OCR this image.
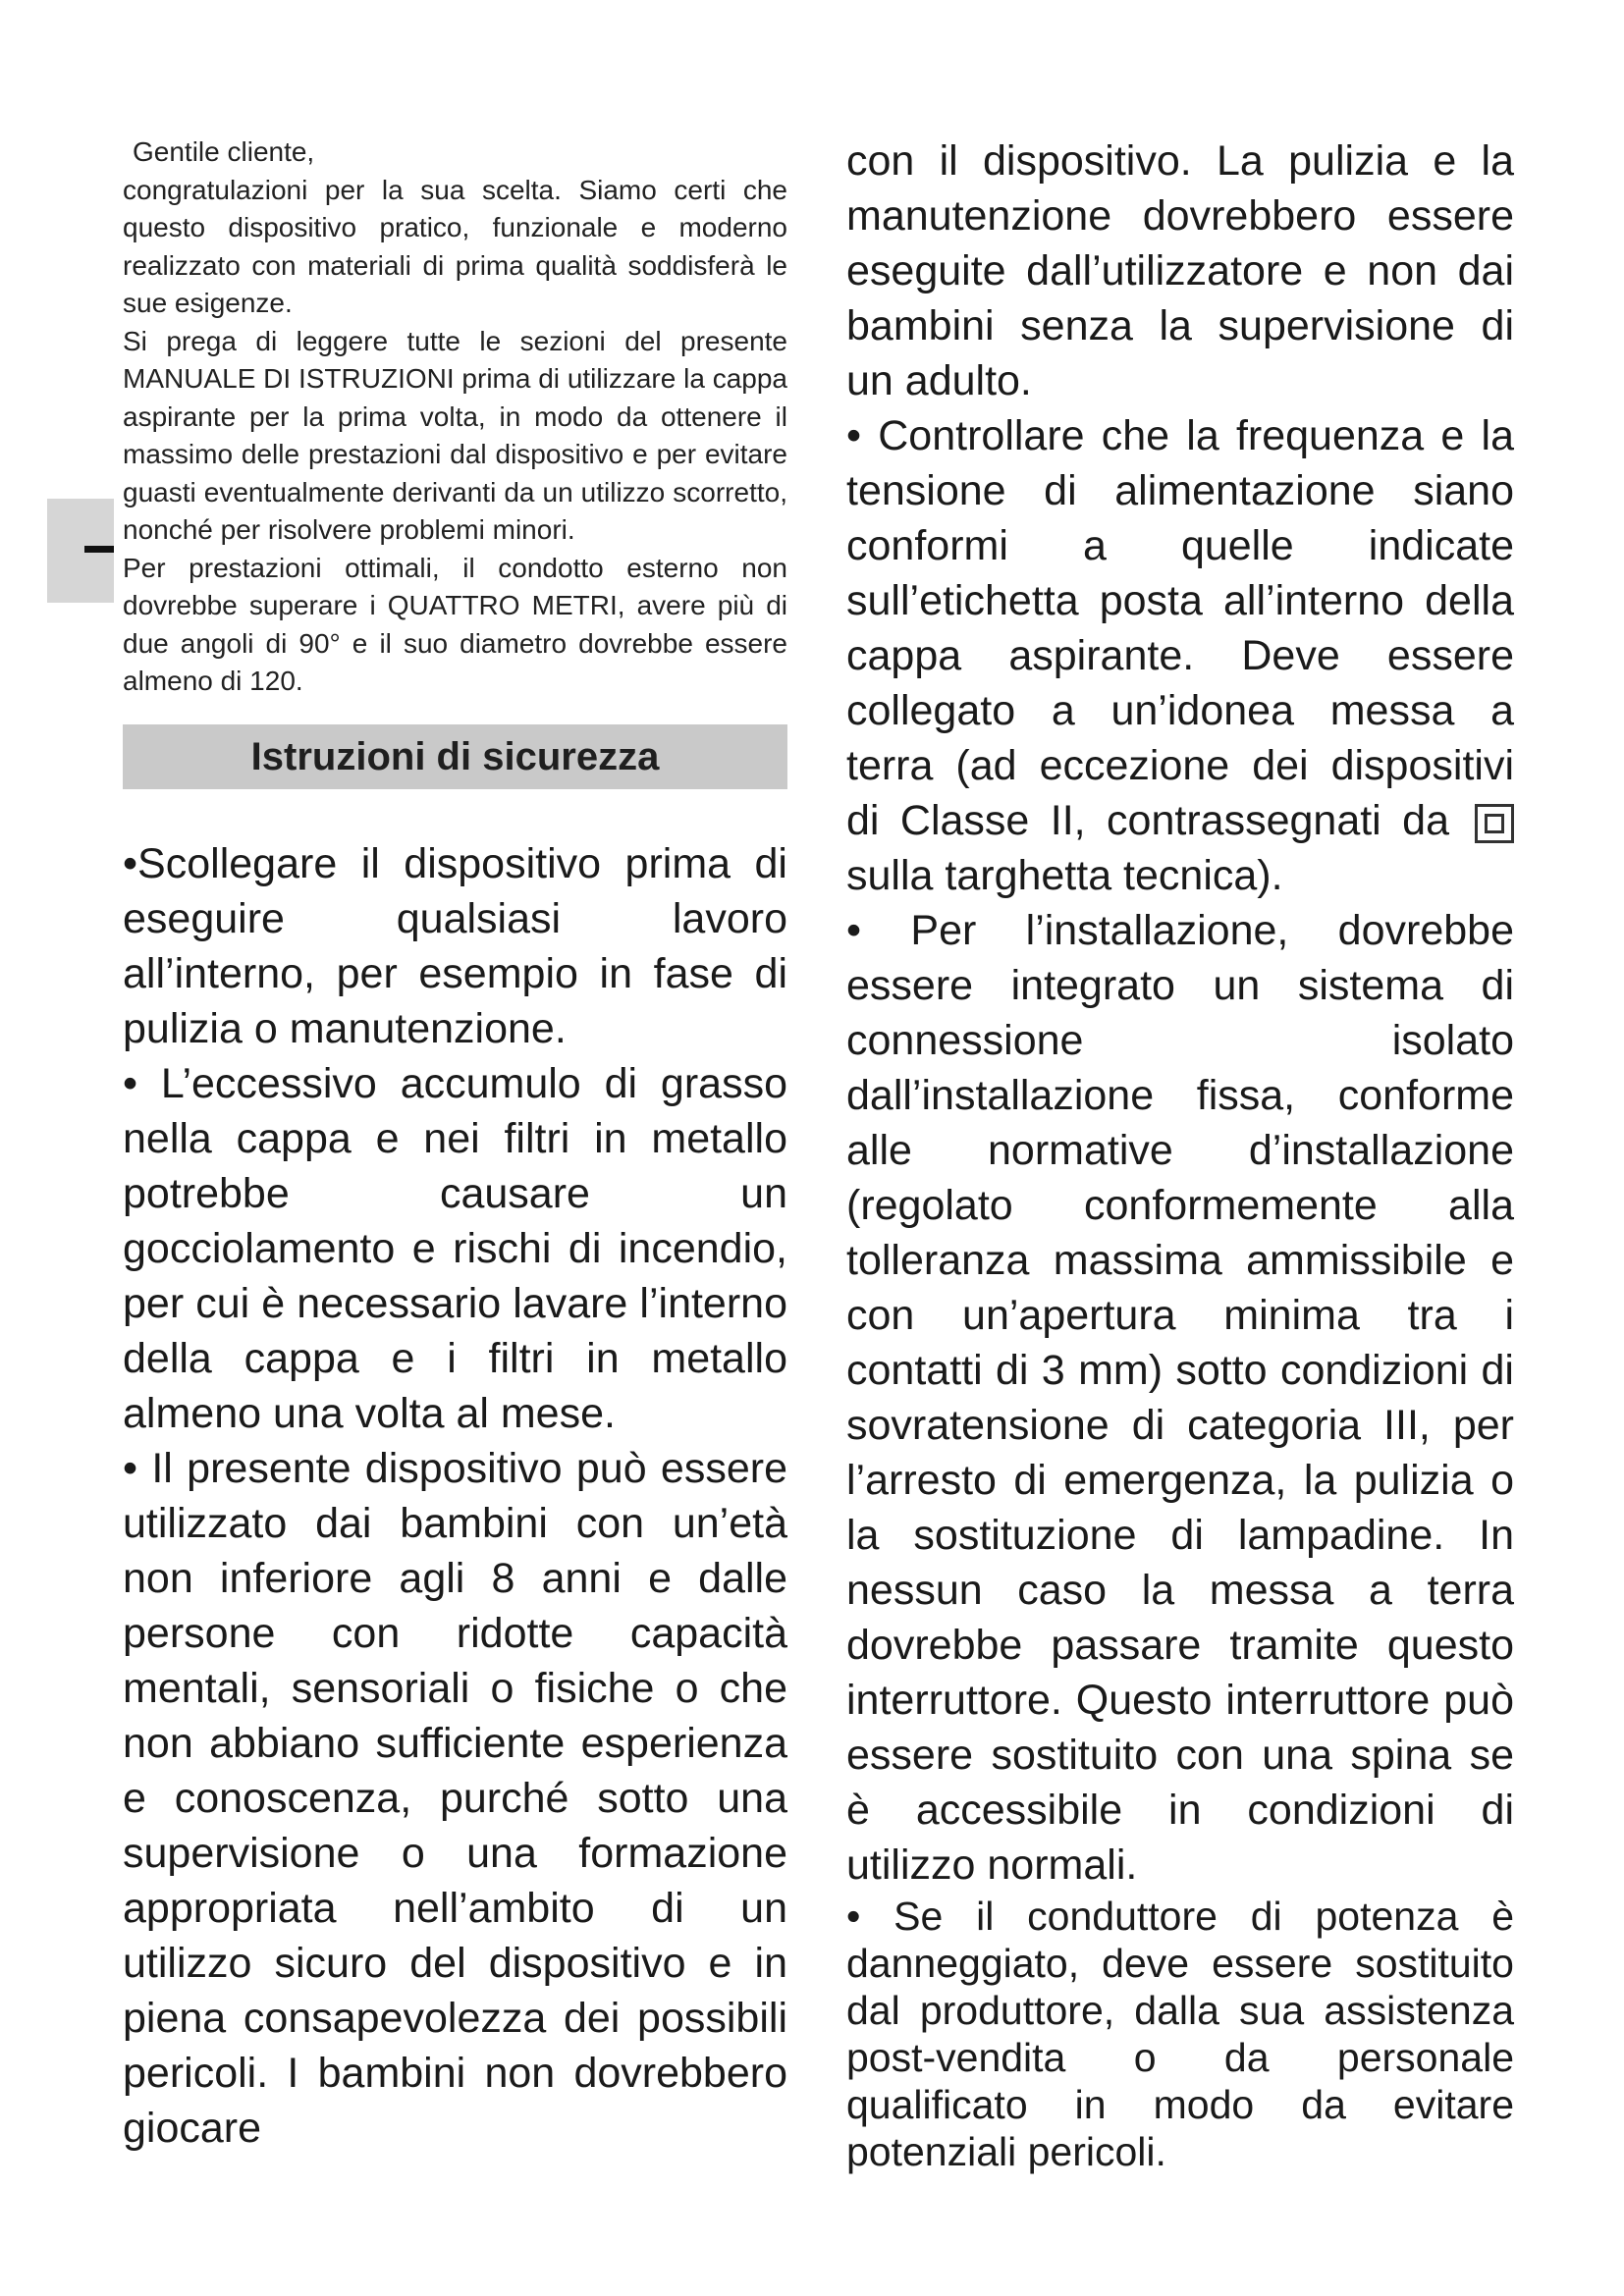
Gentile cliente,

congratulazioni per la sua scelta. Siamo certi che questo dispositivo pratico, funzionale e moderno realizzato con materiali di prima qualità soddisferà le sue esigenze.

Si prega di leggere tutte le sezioni del presente MANUALE DI ISTRUZIONI prima di utilizzare la cappa aspirante per la prima volta, in modo da ottenere il massimo delle prestazioni dal dispositivo e per evitare guasti eventualmente derivanti da un utilizzo scorretto, nonché per risolvere problemi minori.

Per prestazioni ottimali, il condotto esterno non dovrebbe superare i QUATTRO METRI, avere più di due angoli di 90° e il suo diametro dovrebbe essere almeno di 120.

Istruzioni di sicurezza

•Scollegare il dispositivo prima di eseguire qualsiasi lavoro all’interno, per esempio in fase di pulizia o manutenzione.

• L’eccessivo accumulo di grasso nella cappa e nei filtri in metallo potrebbe causare un gocciolamento e rischi di incendio, per cui è necessario lavare l’interno della cappa e i filtri in metallo almeno una volta al mese.

• Il presente dispositivo può essere utilizzato dai bambini con un’età non inferiore agli 8 anni e dalle persone con ridotte capacità mentali, sensoriali o fisiche o che non abbiano sufficiente esperienza e conoscenza, purché sotto una supervisione o una formazione appropriata nell’ambito di un utilizzo sicuro del dispositivo e in piena consapevolezza dei possibili pericoli. I bambini non dovrebbero giocare

con il dispositivo. La pulizia e la manutenzione dovrebbero essere eseguite dall’utilizzatore e non dai bambini senza la supervisione di un adulto.

• Controllare che la frequenza e la tensione di alimentazione siano conformi a quelle indicate sull’etichetta posta all’interno della cappa aspirante. Deve essere collegato a un’idonea messa a terra (ad eccezione dei dispositivi di Classe II, contrassegnati da sulla targhetta tecnica).

• Per l’installazione, dovrebbe essere integrato un sistema di connessione isolato dall’installazione fissa, conforme alle normative d’installazione (regolato conformemente alla tolleranza massima ammissibile e con un’apertura minima tra i contatti di 3 mm) sotto condizioni di sovratensione di categoria III, per l’arresto di emergenza, la pulizia o la sostituzione di lampadine. In nessun caso la messa a terra dovrebbe passare tramite questo interruttore. Questo interruttore può essere sostituito con una spina se è accessibile in condizioni di utilizzo normali.

• Se il conduttore di potenza è danneggiato, deve essere sostituito dal produttore, dalla sua assistenza post-vendita o da personale qualificato in modo da evitare potenziali pericoli.
